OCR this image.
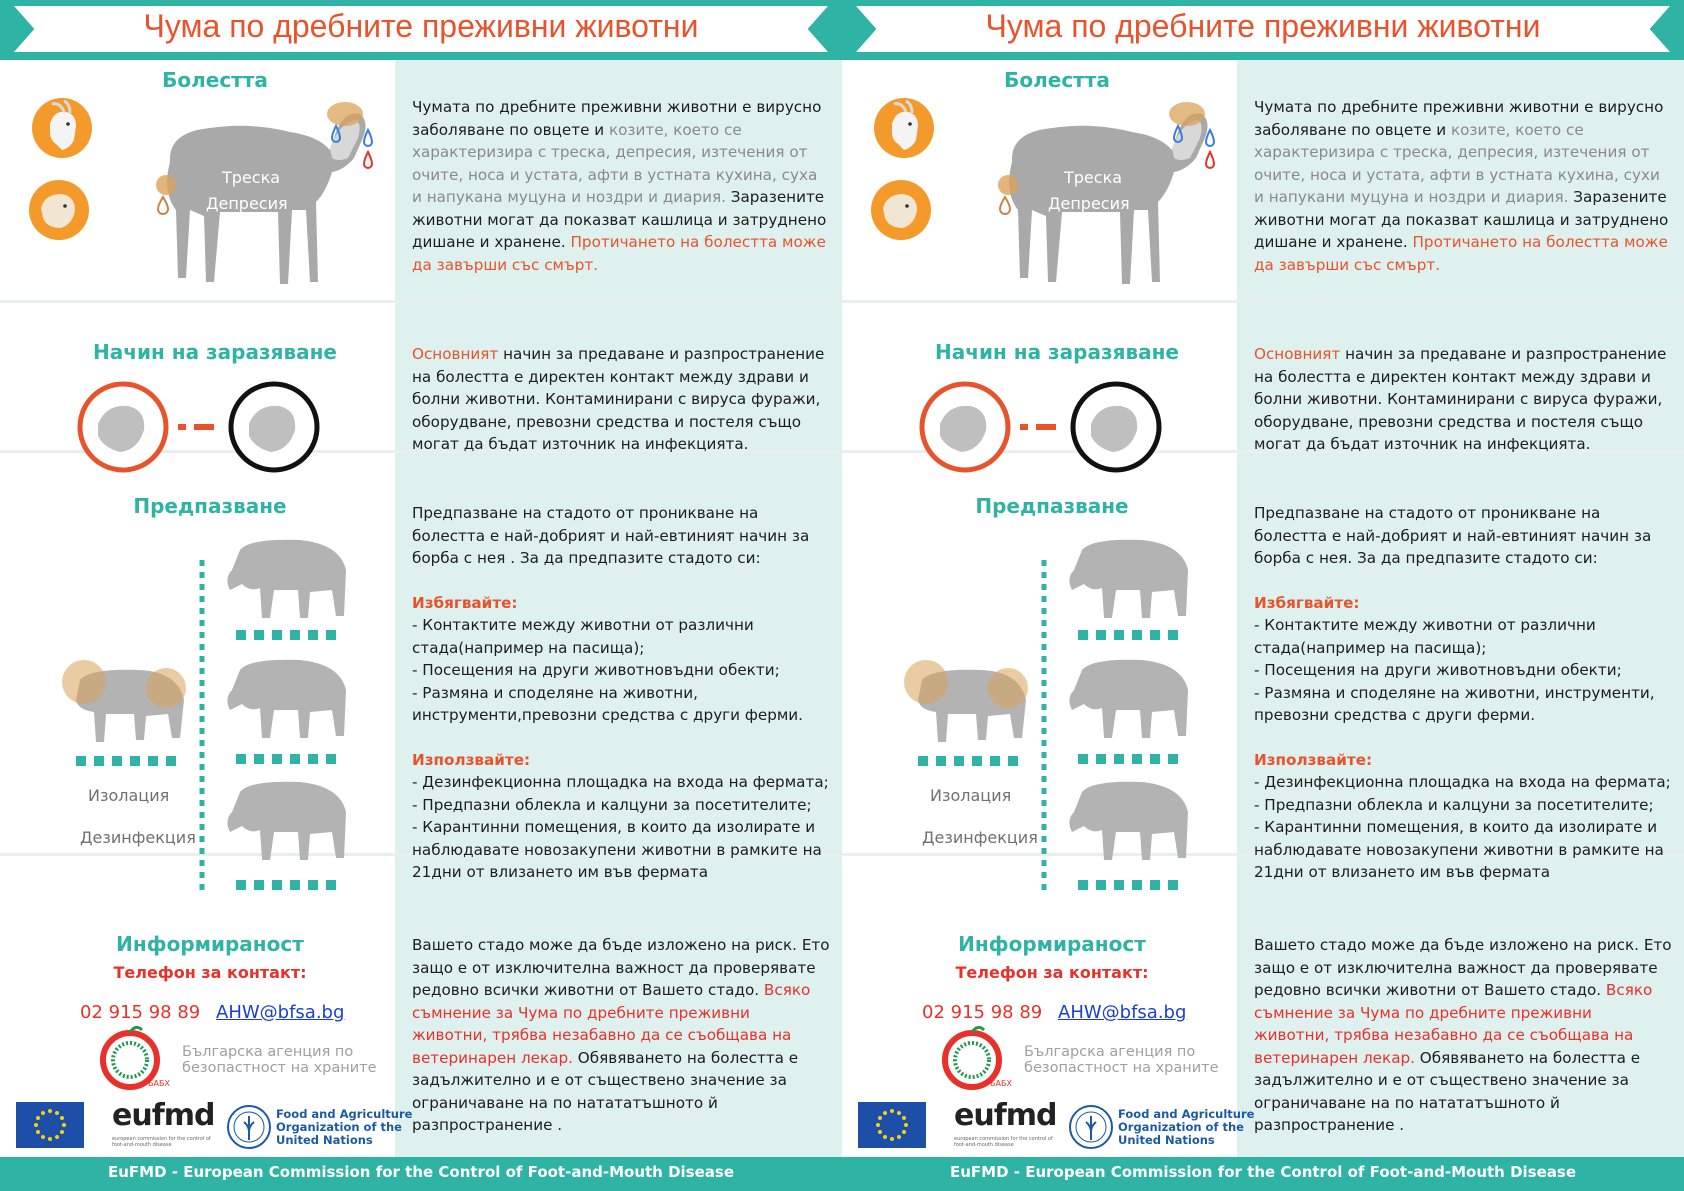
Чума по дребните преживни животни
Болестта
Треска
Депресия

Чумата по дребните преживни животни е вирусно заболяване по овцете и козите, което се характеризира с треска, депресия, изтечения от очите, носа и устата, афти в устната кухина, суха и напукана муцуна и ноздри и диария. Заразените животни могат да показват кашлица и затруднено дишане и хранене. Протичането на болестта може да завърши със смърт.

Начин на заразяване	Основният начин за предаване и разпространение на болестта е директен контакт между здрави и болни животни. Контаминирани с вируса фуражи, оборудване, превозни средства и постеля също могат да бъдат източник на инфекцията.

Предпазване
Изолация
Дезинфекция
Предпазване на стадото от проникване на болестта е най-добрият и най-евтиният начин за борба с нея . За да предпазите стадото си:
Избягвайте:
- Контактите между животни от различни стада(например на пасища);
- Посещения на други животновъдни обекти;
- Размяна и споделяне на животни, инструменти,превозни средства с други ферми.
Използвайте:
- Дезинфекционна площадка на входа на фермата;
- Предпазни облекла и калцуни за посетителите;
- Карантинни помещения, в които да изолирате и наблюдавате новозакупени животни в рамките на 21дни от влизането им във фермата
Информираност
Телефон за контакт:
02 915 98 89 AHW@bfsa.bg
БАБХ
Българска агенция по
безопастност на храните
eufmd
european commission for the control of foot-and-mouth disease
Food and Agriculture
Organization of the
United Nations

Вашето стадо може да бъде изложено на риск. Ето защо е от изключителна важност да проверявате редовно всички животни от Вашето стадо. Всяко съмнение за Чума по дребните преживни животни, трябва незабавно да се съобщава на ветеринарен лекар. Обявяването на болестта е задължително и е от съществено значение за ограничаване на по натататъшното й разпространение .

EuFMD - European Commission for the Control of Foot-and-Mouth Disease
Чума по дребните преживни животни
Болестта
Треска
Депресия

Чумата по дребните преживни животни е вирусно заболяване по овцете и козите, което се характеризира с треска, депресия, изтечения от очите, носа и устата, афти в устната кухина, сухи и напукани муцуна и ноздри и диария. Заразените животни могат да показват кашлица и затруднено дишане и хранене. Протичането на болестта може да завърши със смърт.

Начин на заразяване	Основният начин за предаване и разпространение на болестта е директен контакт между здрави и болни животни. Контаминирани с вируса фуражи, оборудване, превозни средства и постеля също могат да бъдат източник на инфекцията.

Предпазване
Изолация
Дезинфекция
Предпазване на стадото от проникване на болестта е най-добрият и най-евтиният начин за борба с нея. За да предпазите стадото си:
Избягвайте:
- Контактите между животни от различни стада(например на пасища);
- Посещения на други животновъдни обекти;
- Размяна и споделяне на животни, инструменти, превозни средства с други ферми.
Използвайте:
- Дезинфекционна площадка на входа на фермата;
- Предпазни облекла и калцуни за посетителите;
- Карантинни помещения, в които да изолирате и наблюдавате новозакупени животни в рамките на 21дни от влизането им във фермата
Информираност
Телефон за контакт:
02 915 98 89 AHW@bfsa.bg
БАБХ
Българска агенция по
безопастност на храните
eufmd
european commission for the control of foot-and-mouth disease
Food and Agriculture
Organization of the
United Nations

Вашето стадо може да бъде изложено на риск. Ето защо е от изключителна важност да проверявате редовно всички животни от Вашето стадо. Всяко съмнение за Чума по дребните преживни животни, трябва незабавно да се съобщава на ветеринарен лекар. Обявяването на болестта е задължително и е от съществено значение за ограничаване на по натататъшното й разпространение .

EuFMD - European Commission for the Control of Foot-and-Mouth Disease
